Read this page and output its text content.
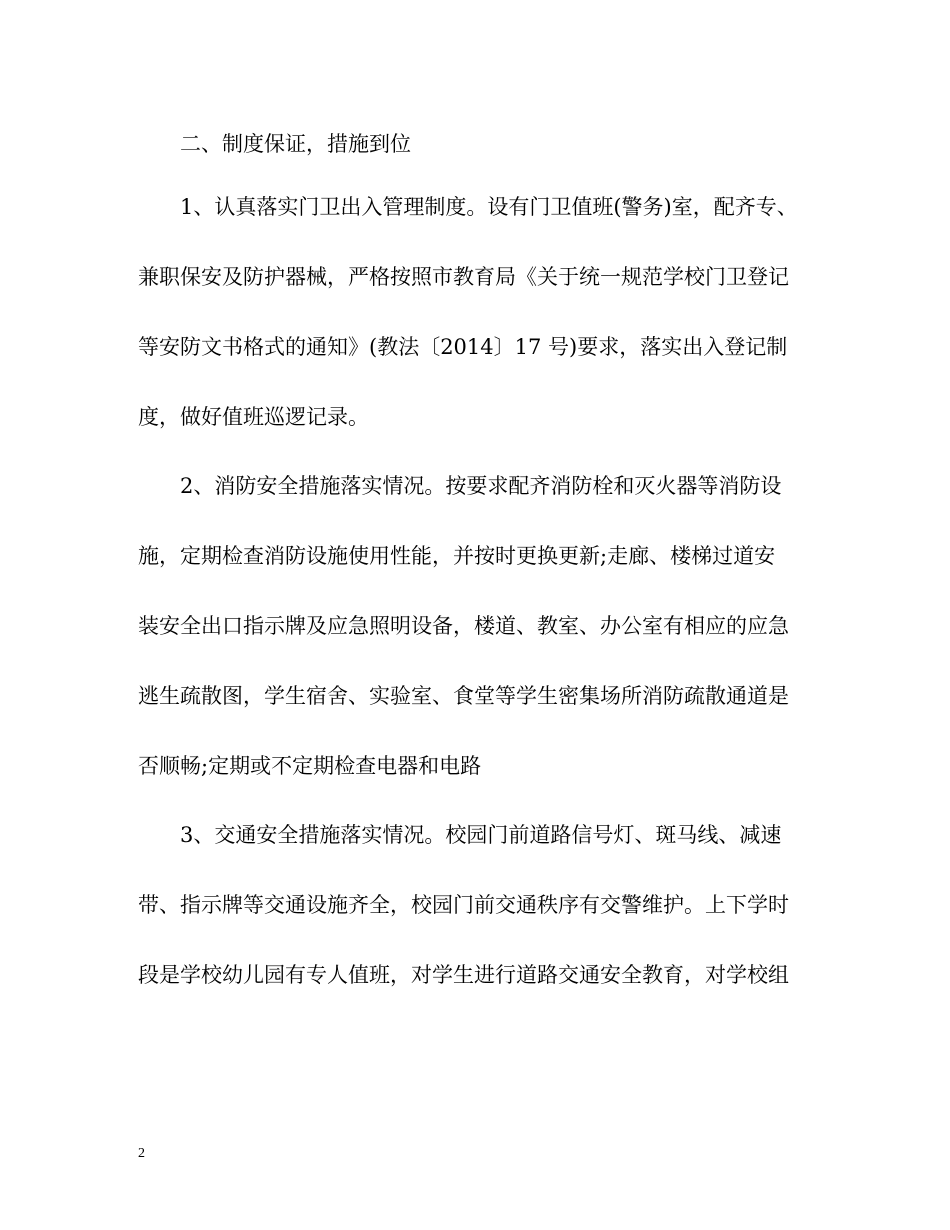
二、制度保证，措施到位
1、认真落实门卫出入管理制度。设有门卫值班(警务)室，配齐专、
兼职保安及防护器械，严格按照市教育局《关于统一规范学校门卫登记
等安防文书格式的通知》(教法〔2014〕17 号)要求，落实出入登记制
度，做好值班巡逻记录。
2、消防安全措施落实情况。按要求配齐消防栓和灭火器等消防设
施，定期检查消防设施使用性能，并按时更换更新;走廊、楼梯过道安
装安全出口指示牌及应急照明设备，楼道、教室、办公室有相应的应急
逃生疏散图，学生宿舍、实验室、食堂等学生密集场所消防疏散通道是
否顺畅;定期或不定期检查电器和电路
3、交通安全措施落实情况。校园门前道路信号灯、斑马线、减速
带、指示牌等交通设施齐全，校园门前交通秩序有交警维护。上下学时
段是学校幼儿园有专人值班，对学生进行道路交通安全教育，对学校组
2
